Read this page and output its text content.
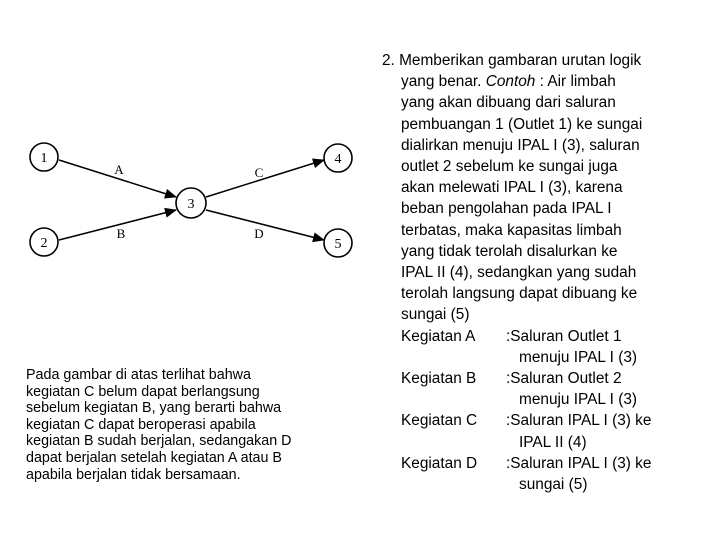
1
2
3
4
5
A
B
C
D

Pada gambar di atas terlihat bahwa
kegiatan C belum dapat berlangsung
sebelum kegiatan B, yang berarti bahwa
kegiatan C dapat beroperasi apabila
kegiatan B sudah berjalan, sedangakan D
dapat berjalan setelah kegiatan A atau B
apabila berjalan tidak bersamaan.

2. Memberikan gambaran urutan logik
yang benar. Contoh : Air limbah
yang akan dibuang dari saluran
pembuangan 1 (Outlet 1) ke sungai
dialirkan menuju IPAL I (3), saluran
outlet 2 sebelum ke sungai juga
akan melewati IPAL I (3), karena
beban pengolahan pada IPAL I
terbatas, maka kapasitas limbah
yang tidak terolah disalurkan ke
IPAL II (4), sedangkan yang sudah
terolah langsung dapat dibuang ke
sungai (5)
Kegiatan A :Saluran Outlet 1
menuju IPAL I (3)
Kegiatan B :Saluran Outlet 2
menuju IPAL I (3)
Kegiatan C :Saluran IPAL I (3) ke
IPAL II (4)
Kegiatan D :Saluran IPAL I (3) ke
sungai (5)
